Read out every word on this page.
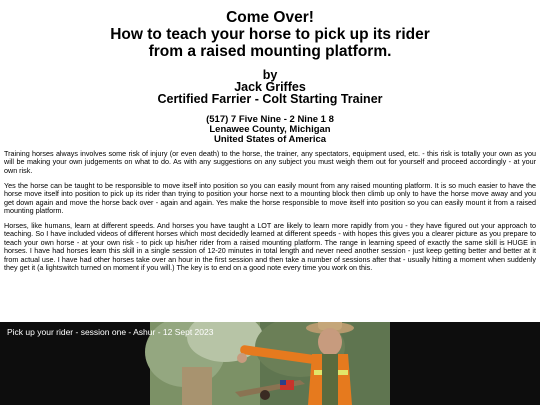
Come Over!
How to teach your horse to pick up its rider
from a raised mounting platform.
by
Jack Griffes
Certified Farrier - Colt Starting Trainer
(517) 7 Five Nine - 2 Nine 1 8
Lenawee County, Michigan
United States of America

Training horses always involves some risk of injury (or even death) to the horse, the trainer, any spectators, equipment used, etc. - this risk is totally your own as you will be making your own judgements on what to do. As with any suggestions on any subject you must weigh them out for yourself and proceed accordingly - at your own risk.

Yes the horse can be taught to be responsible to move itself into position so you can easily mount from any raised mounting platform. It is so much easier to have the horse move itself into position to pick up its rider than trying to position your horse next to a mounting block then climb up only to have the horse move away and you get down again and move the horse back over - again and again. Yes make the horse responsible to move itself into position so you can easily mount it from a raised mounting platform.

Horses, like humans, learn at different speeds. And horses you have taught a LOT are likely to learn more rapidly from you - they have figured out your approach to teaching. So I have included videos of different horses which most decidedly learned at different speeds - with hopes this gives you a clearer picture as you prepare to teach your own horse - at your own risk - to pick up his/her rider from a raised mounting platform. The range in learning speed of exactly the same skill is HUGE in horses. I have had horses learn this skill in a single session of 12-20 minutes in total length and never need another session - just keep getting better and better at it from actual use. I have had other horses take over an hour in the first session and then take a number of sessions after that - usually hitting a moment when suddenly they get it (a lightswitch turned on moment if you will.) The key is to end on a good note every time you work on this.

Pick up your rider - session one - Ashur - 12 Sept 2023
